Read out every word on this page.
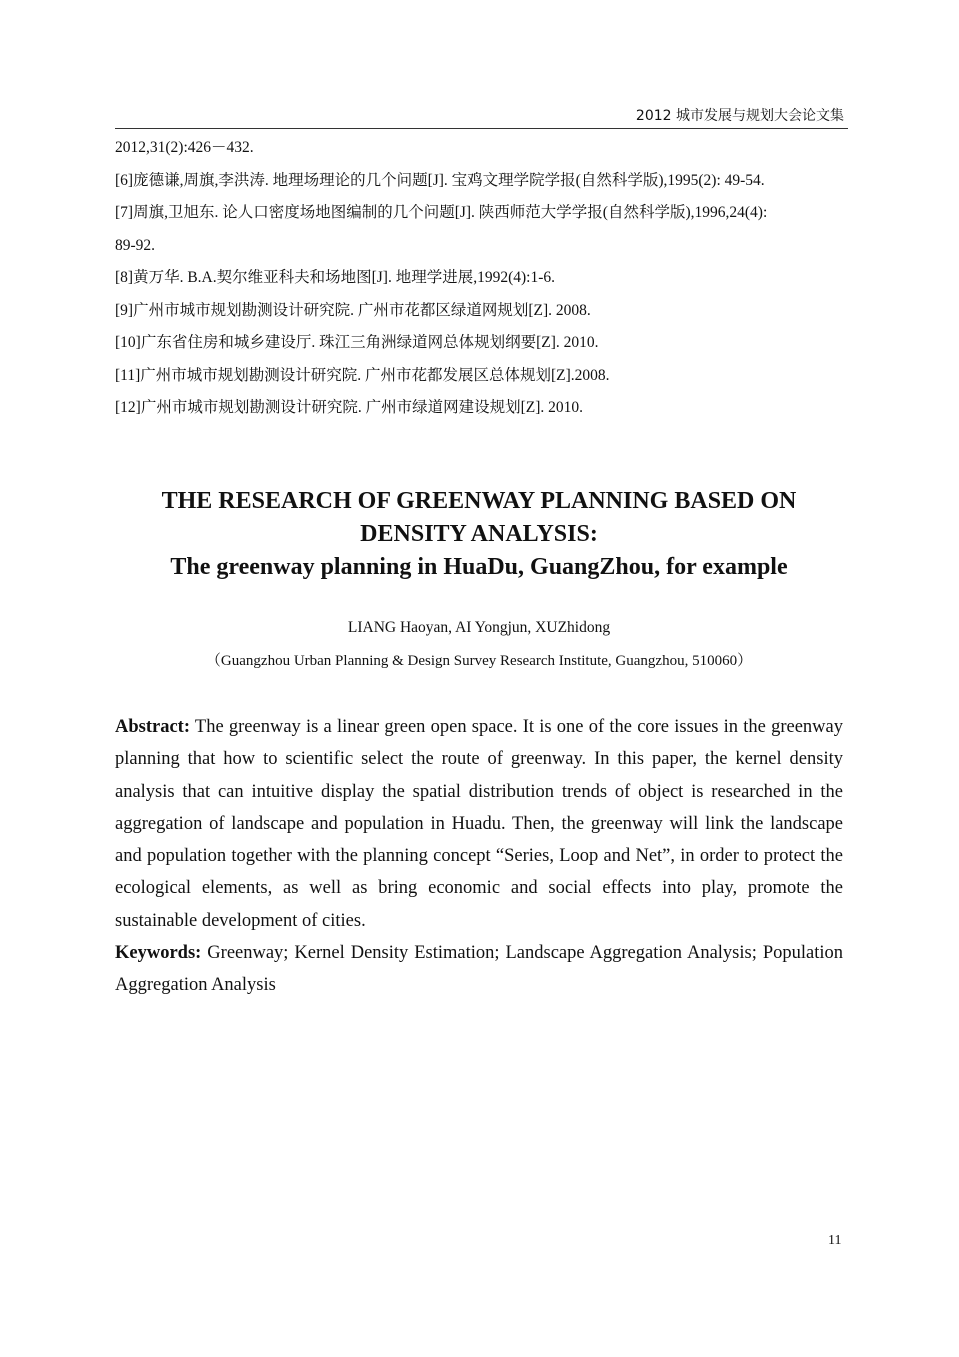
2012 城市发展与规划大会论文集
2012,31(2):426－432.
[6]庞德谦,周旗,李洪涛. 地理场理论的几个问题[J]. 宝鸡文理学院学报(自然科学版),1995(2): 49-54.
[7]周旗,卫旭东. 论人口密度场地图编制的几个问题[J]. 陕西师范大学学报(自然科学版),1996,24(4):
89-92.
[8]黄万华. B.A.契尔维亚科夫和场地图[J]. 地理学进展,1992(4):1-6.
[9]广州市城市规划勘测设计研究院. 广州市花都区绿道网规划[Z]. 2008.
[10]广东省住房和城乡建设厅. 珠江三角洲绿道网总体规划纲要[Z]. 2010.
[11]广州市城市规划勘测设计研究院. 广州市花都发展区总体规划[Z].2008.
[12]广州市城市规划勘测设计研究院. 广州市绿道网建设规划[Z]. 2010.
THE RESEARCH OF GREENWAY PLANNING BASED ON
DENSITY ANALYSIS:
The greenway planning in HuaDu, GuangZhou, for example
LIANG Haoyan, AI Yongjun, XUZhidong
（Guangzhou Urban Planning & Design Survey Research Institute, Guangzhou, 510060）

Abstract: The greenway is a linear green open space. It is one of the core issues in the greenway planning that how to scientific select the route of greenway. In this paper, the kernel density analysis that can intuitive display the spatial distribution trends of object is researched in the aggregation of landscape and population in Huadu. Then, the greenway will link the landscape and population together with the planning concept “Series, Loop and Net”, in order to protect the ecological elements, as well as bring economic and social effects into play, promote the sustainable development of cities.

Keywords: Greenway; Kernel Density Estimation; Landscape Aggregation Analysis; Population Aggregation Analysis

11
